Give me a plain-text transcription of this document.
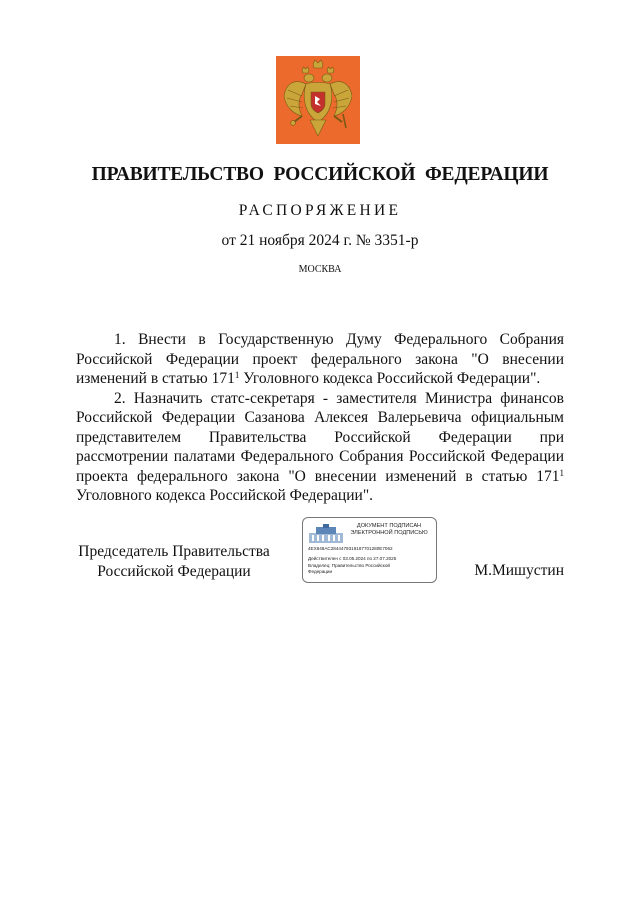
ПРАВИТЕЛЬСТВО РОССИЙСКОЙ ФЕДЕРАЦИИ
РАСПОРЯЖЕНИЕ
от 21 ноября 2024 г. № 3351-р
МОСКВА

1. Внести в Государственную Думу Федерального Собрания Российской Федерации проект федерального закона "О внесении изменений в статью $171^1$ Уголовного кодекса Российской Федерации".

2. Назначить статс-секретаря - заместителя Министра финансов Российской Федерации Сазанова Алексея Валерьевича официальным представителем Правительства Российской Федерации при рассмотрении палатами Федерального Собрания Российской Федерации проекта федерального закона "О внесении изменений в статью $171^1$ Уголовного кодекса Российской Федерации".

Председатель Правительства
Российской Федерации
ДОКУМЕНТ ПОДПИСАН
ЭЛЕКТРОННОЙ ПОДПИСЬЮ
4EX848AC2844479319187701280E7062
Действителен с 03.05.2024 по 27.07.2025
Владелец: Правительство Российской
Федерации	М.Мишустин
